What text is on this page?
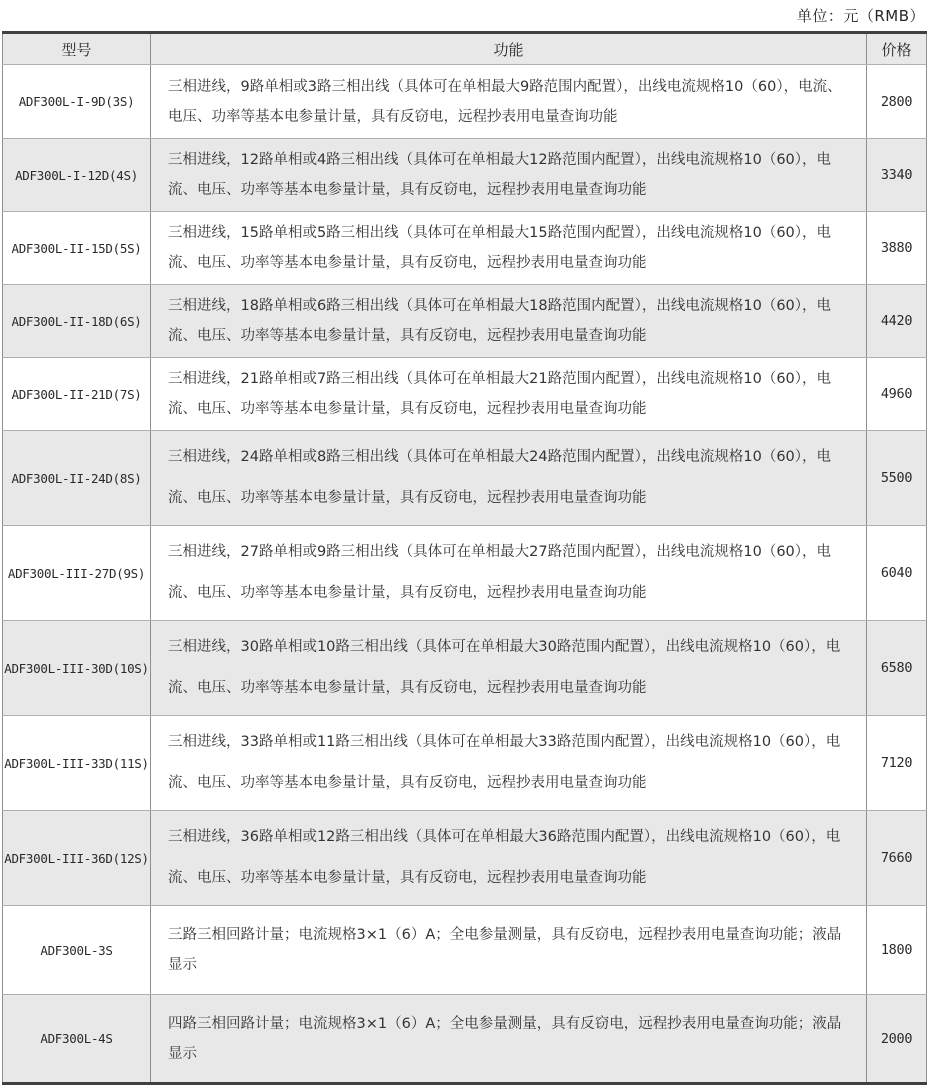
单位：元（RMB）
型号	功能	价格
ADF300L-I-9D(3S)	三相进线，9路单相或3路三相出线（具体可在单相最大9路范围内配置），出线电流规格10（60），电流、电压、功率等基本电参量计量，具有反窃电，远程抄表用电量查询功能	2800
ADF300L-I-12D(4S)	三相进线，12路单相或4路三相出线（具体可在单相最大12路范围内配置），出线电流规格10（60），电流、电压、功率等基本电参量计量，具有反窃电，远程抄表用电量查询功能	3340
ADF300L-II-15D(5S)	三相进线，15路单相或5路三相出线（具体可在单相最大15路范围内配置），出线电流规格10（60），电流、电压、功率等基本电参量计量，具有反窃电，远程抄表用电量查询功能	3880
ADF300L-II-18D(6S)	三相进线，18路单相或6路三相出线（具体可在单相最大18路范围内配置），出线电流规格10（60），电流、电压、功率等基本电参量计量，具有反窃电，远程抄表用电量查询功能	4420
ADF300L-II-21D(7S)	三相进线，21路单相或7路三相出线（具体可在单相最大21路范围内配置），出线电流规格10（60），电流、电压、功率等基本电参量计量，具有反窃电，远程抄表用电量查询功能	4960
ADF300L-II-24D(8S)	三相进线，24路单相或8路三相出线（具体可在单相最大24路范围内配置），出线电流规格10（60），电流、电压、功率等基本电参量计量，具有反窃电，远程抄表用电量查询功能	5500
ADF300L-III-27D(9S)	三相进线，27路单相或9路三相出线（具体可在单相最大27路范围内配置），出线电流规格10（60），电流、电压、功率等基本电参量计量，具有反窃电，远程抄表用电量查询功能	6040
ADF300L-III-30D(10S)	三相进线，30路单相或10路三相出线（具体可在单相最大30路范围内配置），出线电流规格10（60），电流、电压、功率等基本电参量计量，具有反窃电，远程抄表用电量查询功能	6580
ADF300L-III-33D(11S)	三相进线，33路单相或11路三相出线（具体可在单相最大33路范围内配置），出线电流规格10（60），电流、电压、功率等基本电参量计量，具有反窃电，远程抄表用电量查询功能	7120
ADF300L-III-36D(12S)	三相进线，36路单相或12路三相出线（具体可在单相最大36路范围内配置），出线电流规格10（60），电流、电压、功率等基本电参量计量，具有反窃电，远程抄表用电量查询功能	7660
ADF300L-3S	三路三相回路计量；电流规格3×1（6）A；全电参量测量，具有反窃电，远程抄表用电量查询功能；液晶显示	1800
ADF300L-4S	四路三相回路计量；电流规格3×1（6）A；全电参量测量，具有反窃电，远程抄表用电量查询功能；液晶显示	2000
